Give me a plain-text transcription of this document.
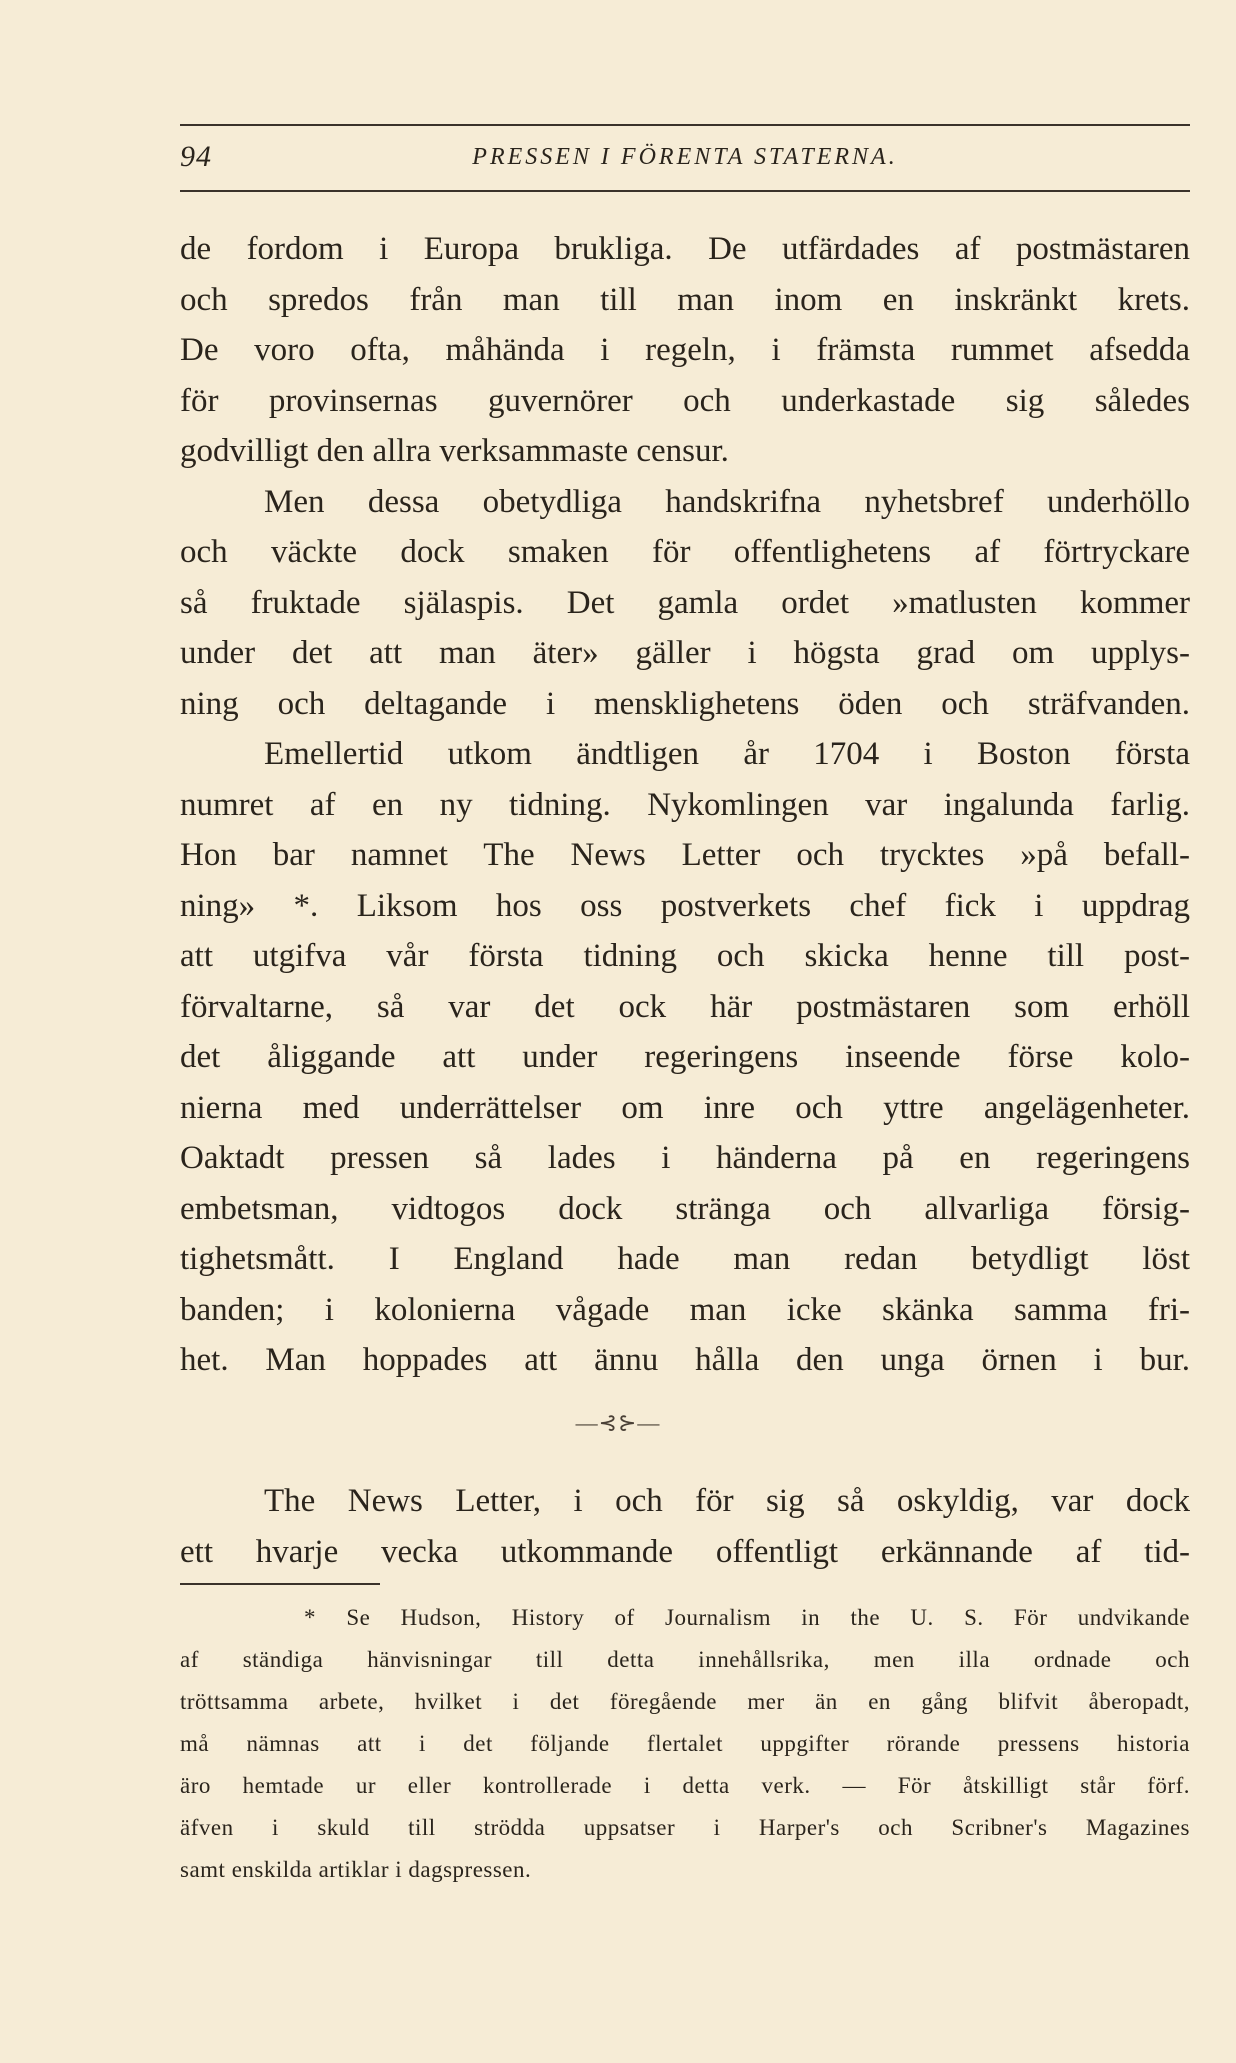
94	PRESSEN I FÖRENTA STATERNA.
de fordom i Europa brukliga. De utfärdades af postmästaren
och spredos från man till man inom en inskränkt krets.
De voro ofta, måhända i regeln, i främsta rummet afsedda
för provinsernas guvernörer och underkastade sig således
godvilligt den allra verksammaste censur.
Men dessa obetydliga handskrifna nyhetsbref underhöllo
och väckte dock smaken för offentlighetens af förtryckare
så fruktade själaspis. Det gamla ordet »matlusten kommer
under det att man äter» gäller i högsta grad om upplys-
ning och deltagande i mensklighetens öden och sträfvanden.
Emellertid utkom ändtligen år 1704 i Boston första
numret af en ny tidning. Nykomlingen var ingalunda farlig.
Hon bar namnet The News Letter och trycktes »på befall-
ning» *. Liksom hos oss postverkets chef fick i uppdrag
att utgifva vår första tidning och skicka henne till post-
förvaltarne, så var det ock här postmästaren som erhöll
det åliggande att under regeringens inseende förse kolo-
nierna med underrättelser om inre och yttre angelägenheter.
Oaktadt pressen så lades i händerna på en regeringens
embetsman, vidtogos dock stränga och allvarliga försig-
tighetsmått. I England hade man redan betydligt löst
banden; i kolonierna vågade man icke skänka samma fri-
het. Man hoppades att ännu hålla den unga örnen i bur.
—⊰⊱—
The News Letter, i och för sig så oskyldig, var dock
ett hvarje vecka utkommande offentligt erkännande af tid-
* Se Hudson, History of Journalism in the U. S. För undvikande
af ständiga hänvisningar till detta innehållsrika, men illa ordnade och
tröttsamma arbete, hvilket i det föregående mer än en gång blifvit åberopadt,
må nämnas att i det följande flertalet uppgifter rörande pressens historia
äro hemtade ur eller kontrollerade i detta verk. — För åtskilligt står förf.
äfven i skuld till strödda uppsatser i Harper's och Scribner's Magazines
samt enskilda artiklar i dagspressen.
